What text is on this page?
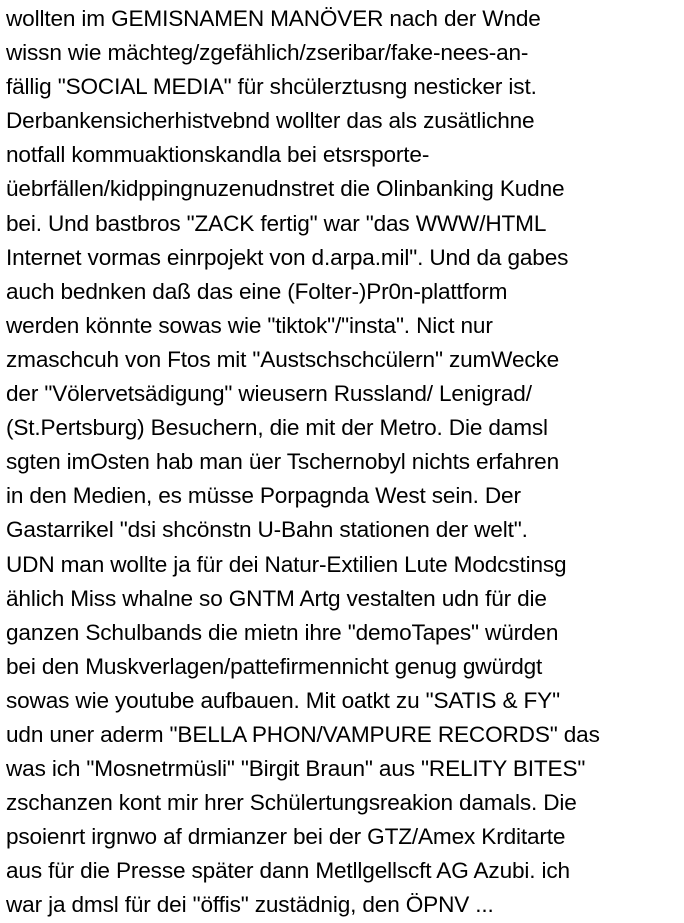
wollten im GEMISNAMEN MANÖVER nach der Wnde
wissn wie mächteg/zgefählich/zseribar/fake-nees-an-
fällig "SOCIAL MEDIA" für shcülerztusng nesticker ist.
Derbankensicherhistvebnd wollter das als zusätlichne
notfall kommuaktionskandla bei etsrsporte-
üebrfällen/kidppingnuzenudnstret die Olinbanking Kudne
bei. Und bastbros "ZACK fertig" war "das WWW/HTML
Internet vormas einrpojekt von d.arpa.mil". Und da gabes
auch bednken daß das eine (Folter-)Pr0n-plattform
werden könnte sowas wie "tiktok"/"insta". Nict nur
zmaschcuh von Ftos mit "Austschschcülern" zumWecke
der "Völervetsädigung" wieusern Russland/ Lenigrad/
(St.Pertsburg) Besuchern, die mit der Metro. Die damsl
sgten imOsten hab man üer Tschernobyl nichts erfahren
in den Medien, es müsse Porpagnda West sein. Der
Gastarrikel "dsi shcönstn U-Bahn stationen der welt".
UDN man wollte ja für dei Natur-Extilien Lute Modcstinsg
ählich Miss whalne so GNTM Artg vestalten udn für die
ganzen Schulbands die mietn ihre "demoTapes" würden
bei den Muskverlagen/pattefirmennicht genug gwürdgt
sowas wie youtube aufbauen. Mit oatkt zu "SATIS & FY"
udn uner aderm "BELLA PHON/VAMPURE RECORDS" das
was ich "Mosnetrmüsli" "Birgit Braun" aus "RELITY BITES"
zschanzen kont mir hrer Schülertungsreakion damals. Die
psoienrt irgnwo af drmianzer bei der GTZ/Amex Krditarte
aus für die Presse später dann Metllgellscft AG Azubi. ich
war ja dmsl für dei "öffis" zustädnig, den ÖPNV ...
